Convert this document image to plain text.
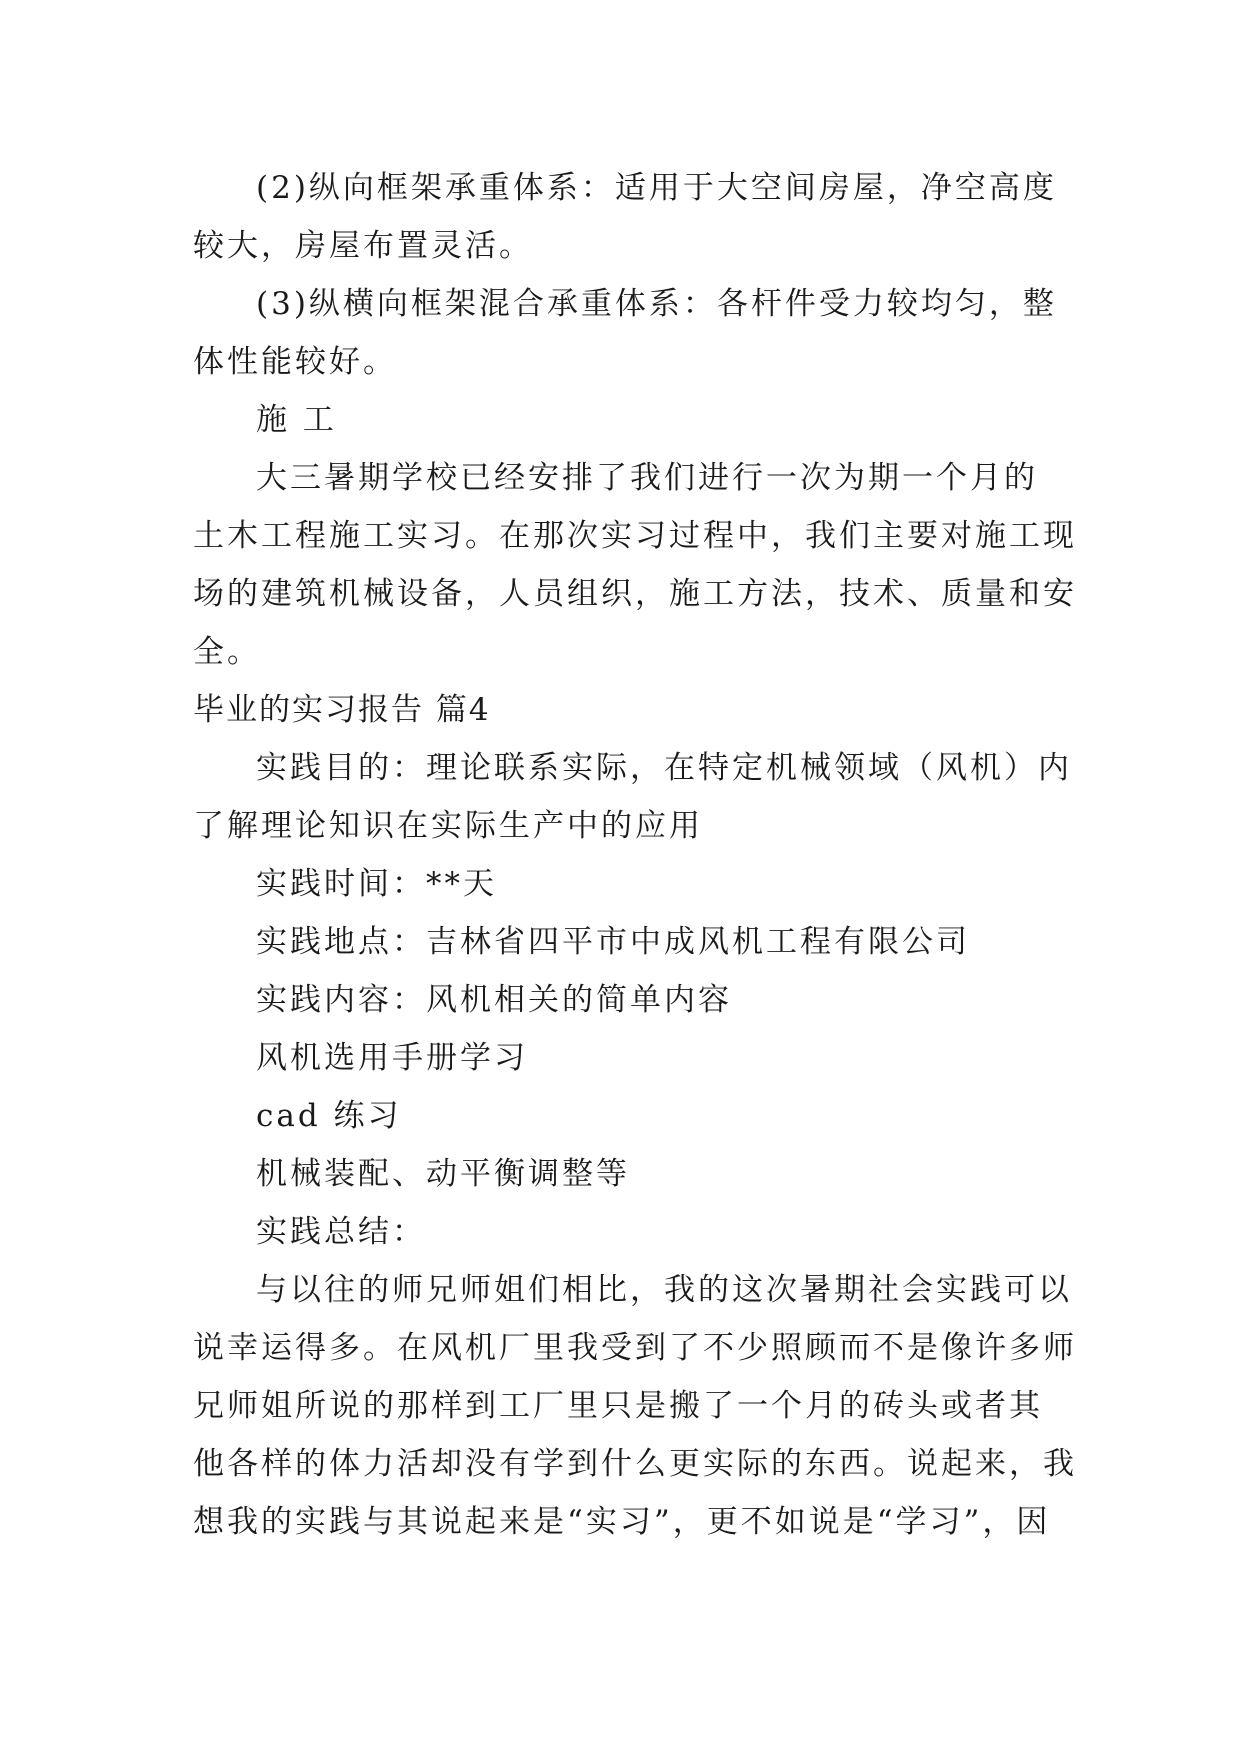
(2)纵向框架承重体系：适用于大空间房屋，净空高度
较大，房屋布置灵活。
(3)纵横向框架混合承重体系：各杆件受力较均匀，整
体性能较好。
施 工
大三暑期学校已经安排了我们进行一次为期一个月的
土木工程施工实习。在那次实习过程中，我们主要对施工现
场的建筑机械设备，人员组织，施工方法，技术、质量和安
全。
毕业的实习报告 篇4
实践目的：理论联系实际，在特定机械领域（风机）内
了解理论知识在实际生产中的应用
实践时间：**天
实践地点：吉林省四平市中成风机工程有限公司
实践内容：风机相关的简单内容
风机选用手册学习
cad 练习
机械装配、动平衡调整等
实践总结：
与以往的师兄师姐们相比，我的这次暑期社会实践可以
说幸运得多。在风机厂里我受到了不少照顾而不是像许多师
兄师姐所说的那样到工厂里只是搬了一个月的砖头或者其
他各样的体力活却没有学到什么更实际的东西。说起来，我
想我的实践与其说起来是“实习”，更不如说是“学习”，因
